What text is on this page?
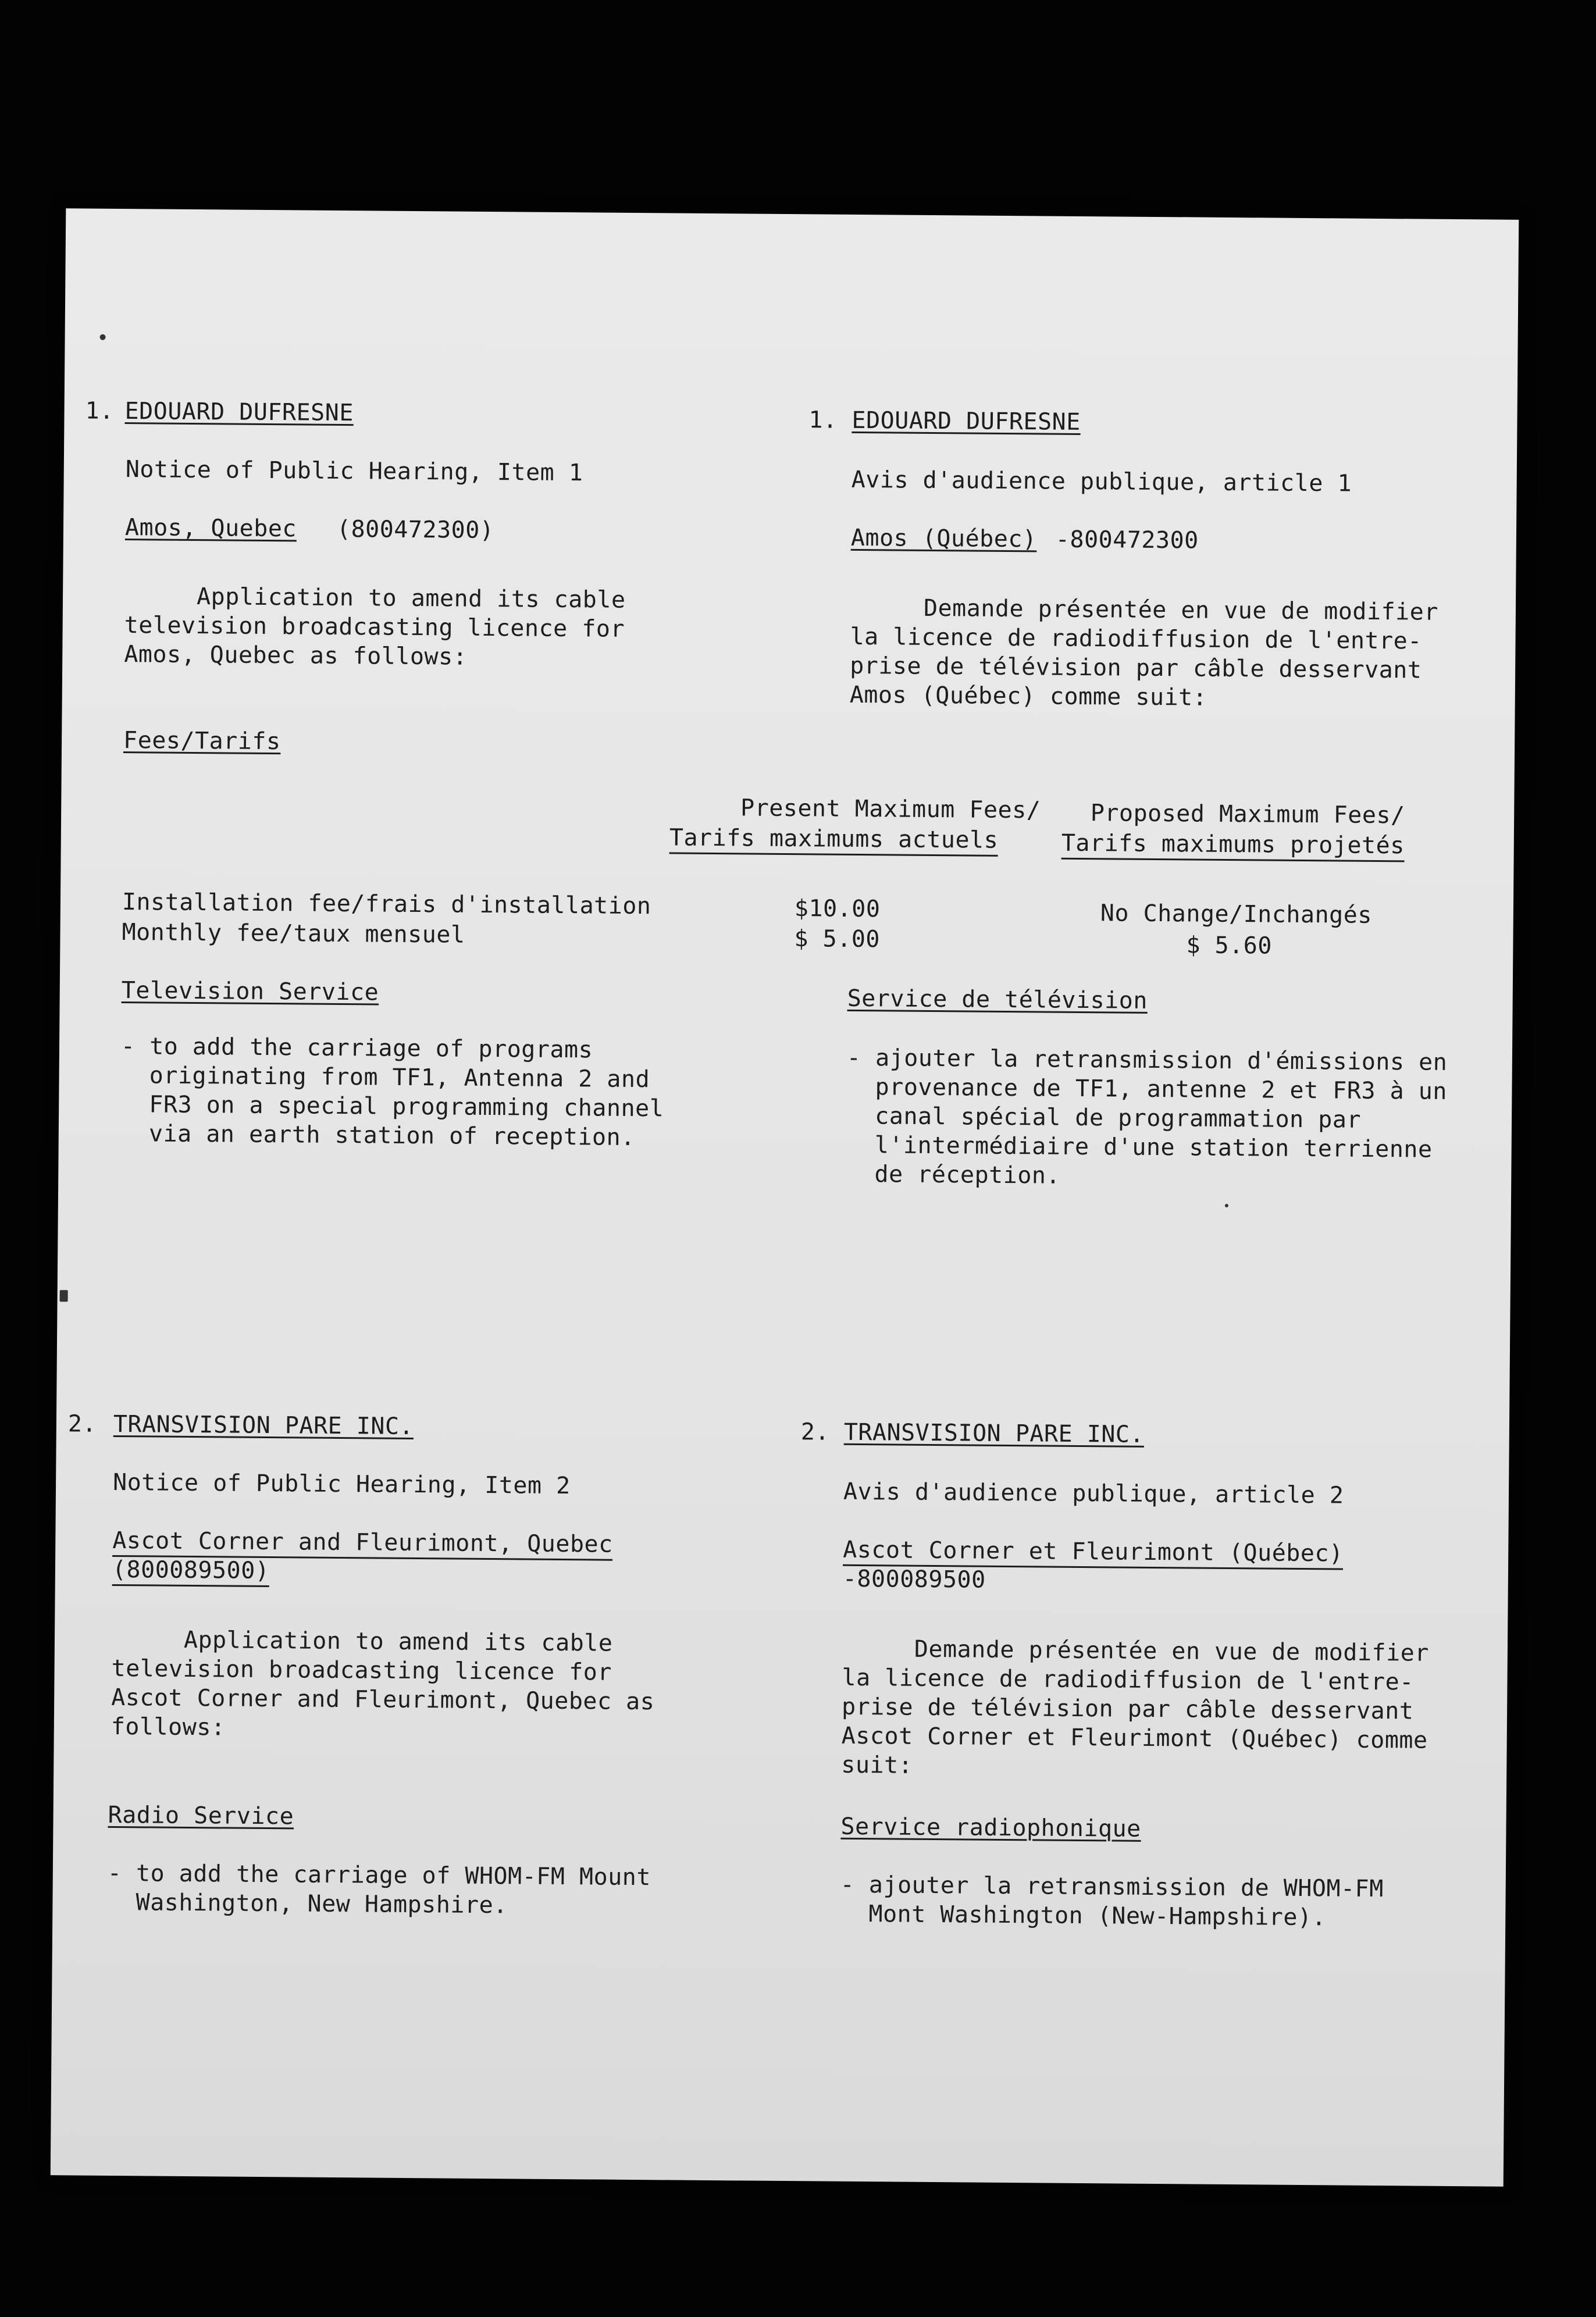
1. EDOUARD DUFRESNE
Notice of Public Hearing, Item 1
Amos, Quebec (800472300)
Application to amend its cable
television broadcasting licence for
Amos, Quebec as follows:
Fees/Tarifs
Present Maximum Fees/
Tarifs maximums actuels
Proposed Maximum Fees/
Tarifs maximums projetés
Installation fee/frais d'installation	$10.00	No Change/Inchangés
Monthly fee/taux mensuel	$ 5.00	$ 5.60
Television Service
- to add the carriage of programs
originating from TF1, Antenna 2 and
FR3 on a special programming channel
via an earth station of reception.
1. EDOUARD DUFRESNE
Avis d'audience publique, article 1
Amos (Québec) -800472300
Demande présentée en vue de modifier
la licence de radiodiffusion de l'entre-
prise de télévision par câble desservant
Amos (Québec) comme suit:
Service de télévision
- ajouter la retransmission d'émissions en
provenance de TF1, antenne 2 et FR3 à un
canal spécial de programmation par
l'intermédiaire d'une station terrienne
de réception.
2. TRANSVISION PARE INC.
Notice of Public Hearing, Item 2
Ascot Corner and Fleurimont, Quebec
(800089500)
Application to amend its cable
television broadcasting licence for
Ascot Corner and Fleurimont, Quebec as
follows:
Radio Service
- to add the carriage of WHOM-FM Mount
Washington, New Hampshire.
2. TRANSVISION PARE INC.
Avis d'audience publique, article 2
Ascot Corner et Fleurimont (Québec)
-800089500
Demande présentée en vue de modifier
la licence de radiodiffusion de l'entre-
prise de télévision par câble desservant
Ascot Corner et Fleurimont (Québec) comme
suit:
Service radiophonique
- ajouter la retransmission de WHOM-FM
Mont Washington (New-Hampshire).
